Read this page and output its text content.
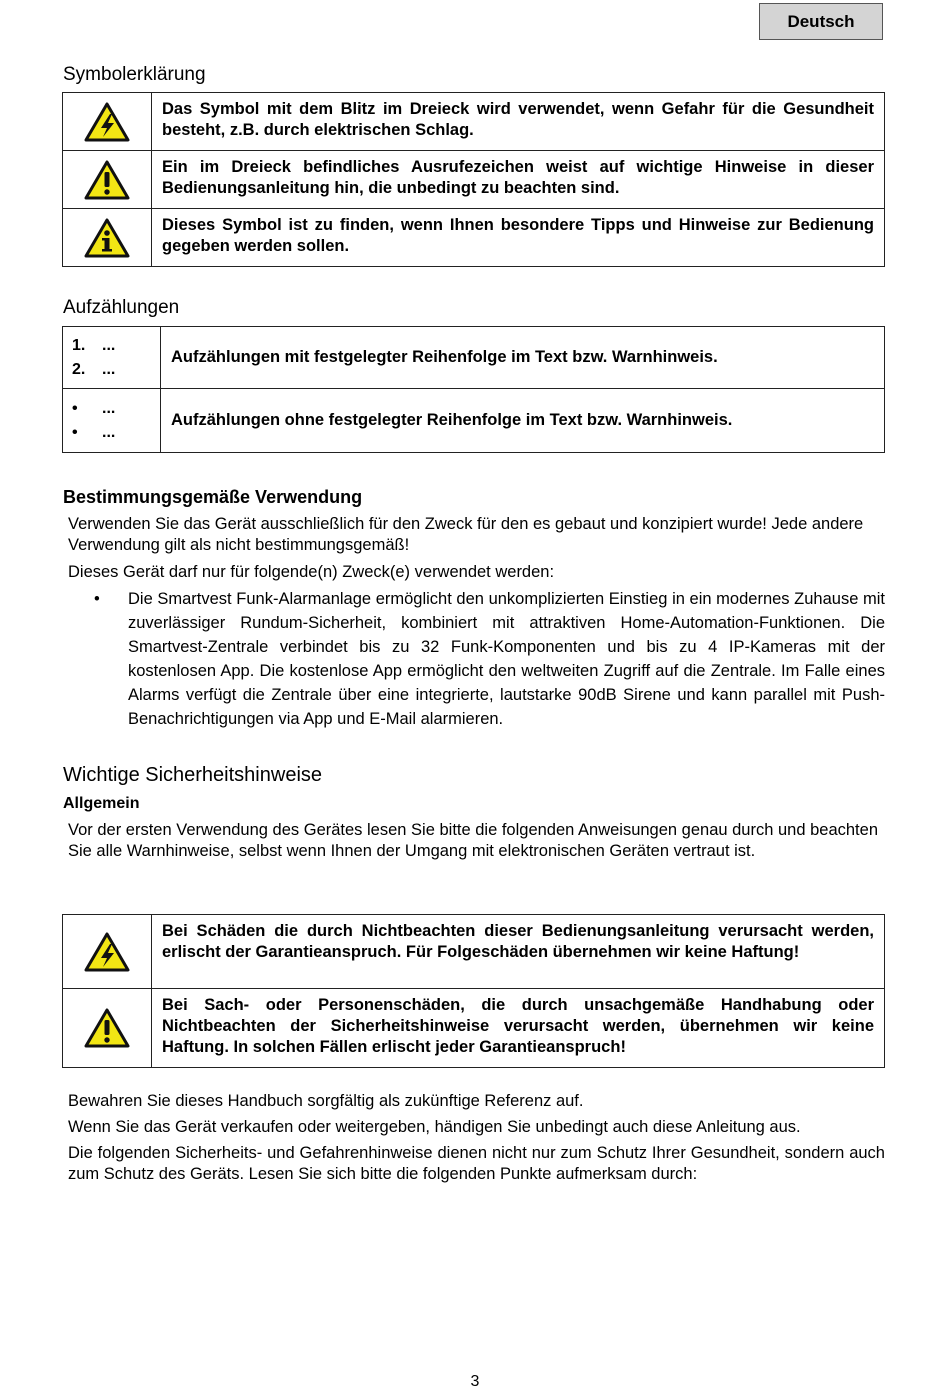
Deutsch
Symbolerklärung
	Das Symbol mit dem Blitz im Dreieck wird verwendet, wenn Gefahr für die Gesundheit besteht, z.B. durch elektrischen Schlag.

	Ein im Dreieck befindliches Ausrufezeichen weist auf wichtige Hinweise in dieser Bedienungsanleitung hin, die unbedingt zu beachten sind.

	Dieses Symbol ist zu finden, wenn Ihnen besondere Tipps und Hinweise zur Bedienung gegeben werden sollen.
Aufzählungen
1. ...
2. ...	Aufzählungen mit festgelegter Reihenfolge im Text bzw. Warnhinweis.

• ...
• ...	Aufzählungen ohne festgelegter Reihenfolge im Text bzw. Warnhinweis.
Bestimmungsgemäße Verwendung

Verwenden Sie das Gerät ausschließlich für den Zweck für den es gebaut und konzipiert wurde! Jede andere Verwendung gilt als nicht bestimmungsgemäß!

Dieses Gerät darf nur für folgende(n) Zweck(e) verwendet werden:

• Die Smartvest Funk-Alarmanlage ermöglicht den unkomplizierten Einstieg in ein modernes Zuhause mit zuverlässiger Rundum-Sicherheit, kombiniert mit attraktiven Home-Automation-Funktionen. Die Smartvest-Zentrale verbindet bis zu 32 Funk-Komponenten und bis zu 4 IP-Kameras mit der kostenlosen App. Die kostenlose App ermöglicht den weltweiten Zugriff auf die Zentrale. Im Falle eines Alarms verfügt die Zentrale über eine integrierte, lautstarke 90dB Sirene und kann parallel mit Push-Benachrichtigungen via App und E-Mail alarmieren.
Wichtige Sicherheitshinweise
Allgemein

Vor der ersten Verwendung des Gerätes lesen Sie bitte die folgenden Anweisungen genau durch und beachten Sie alle Warnhinweise, selbst wenn Ihnen der Umgang mit elektronischen Geräten vertraut ist.

	Bei Schäden die durch Nichtbeachten dieser Bedienungsanleitung verursacht werden, erlischt der Garantieanspruch. Für Folgeschäden übernehmen wir keine Haftung!

	Bei Sach- oder Personenschäden, die durch unsachgemäße Handhabung oder Nichtbeachten der Sicherheitshinweise verursacht werden, übernehmen wir keine Haftung. In solchen Fällen erlischt jeder Garantieanspruch!

Bewahren Sie dieses Handbuch sorgfältig als zukünftige Referenz auf.

Wenn Sie das Gerät verkaufen oder weitergeben, händigen Sie unbedingt auch diese Anleitung aus.

Die folgenden Sicherheits- und Gefahrenhinweise dienen nicht nur zum Schutz Ihrer Gesundheit, sondern auch zum Schutz des Geräts. Lesen Sie sich bitte die folgenden Punkte aufmerksam durch:

3
